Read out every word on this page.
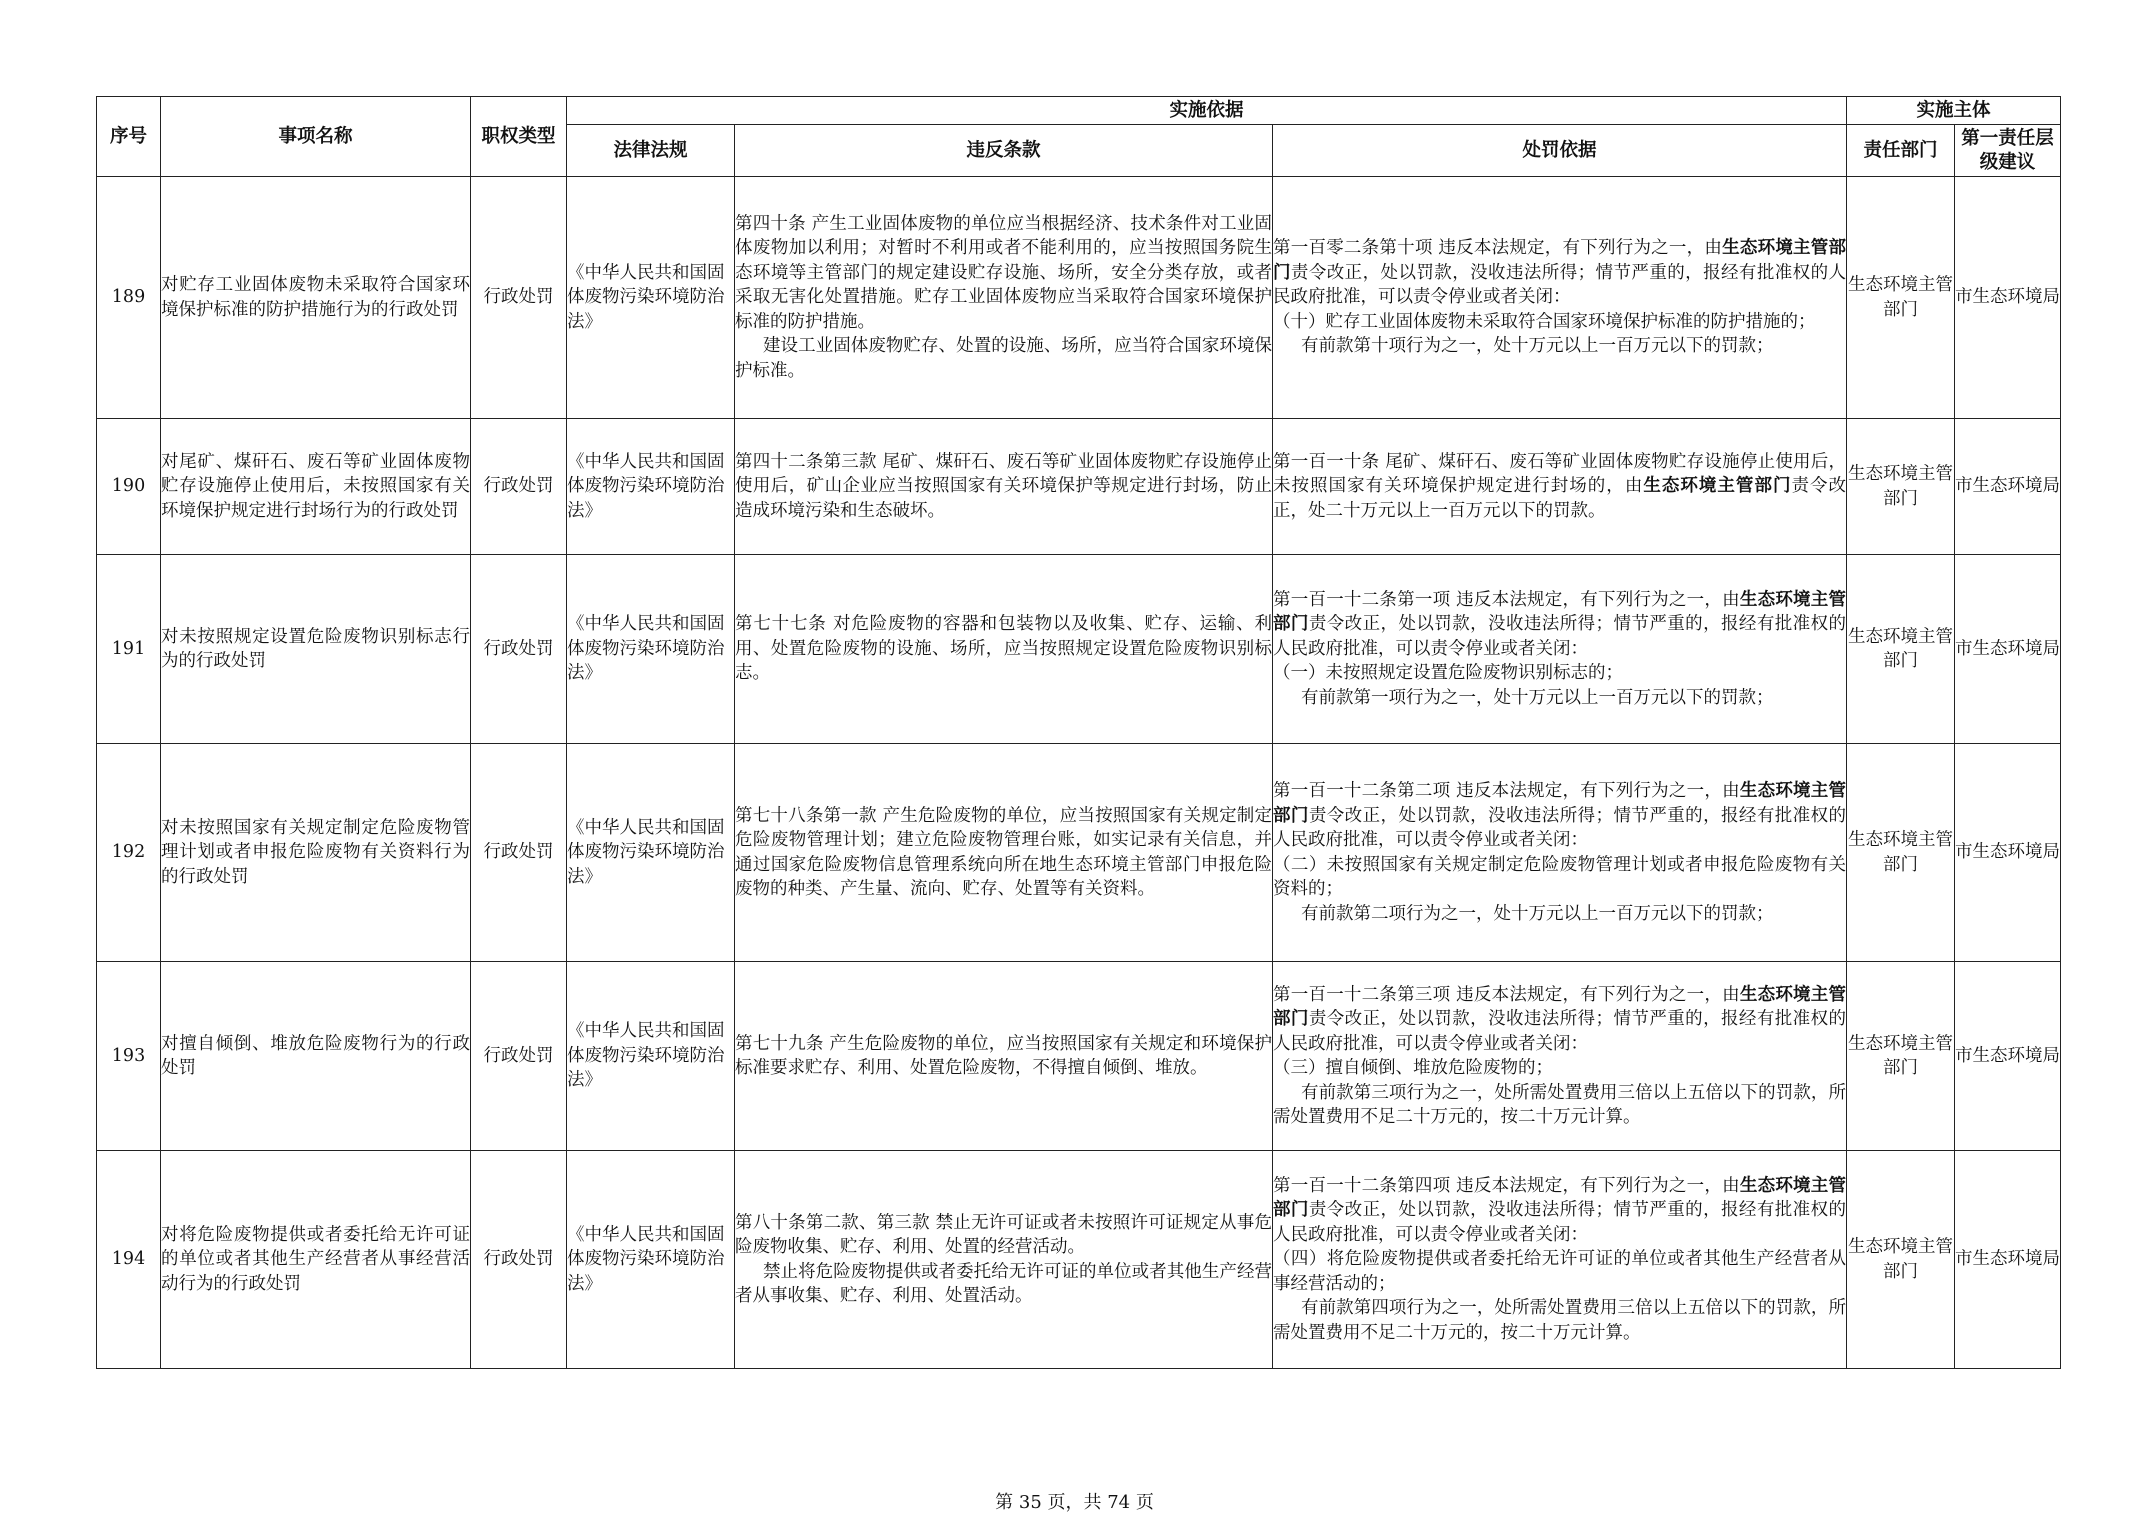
序号	事项名称	职权类型	实施依据			实施主体	
			法律法规	违反条款	处罚依据	责任部门	第一责任层级建议
189	对贮存工业固体废物未采取符合国家环境保护标准的防护措施行为的行政处罚	行政处罚	《中华人民共和国固体废物污染环境防治法》	第四十条 产生工业固体废物的单位应当根据经济、技术条件对工业固体废物加以利用；对暂时不利用或者不能利用的，应当按照国务院生态环境等主管部门的规定建设贮存设施、场所，安全分类存放，或者采取无害化处置措施。贮存工业固体废物应当采取符合国家环境保护标准的防护措施。
建设工业固体废物贮存、处置的设施、场所，应当符合国家环境保护标准。	第一百零二条第十项 违反本法规定，有下列行为之一，由生态环境主管部门责令改正，处以罚款，没收违法所得；情节严重的，报经有批准权的人民政府批准，可以责令停业或者关闭：
（十）贮存工业固体废物未采取符合国家环境保护标准的防护措施的；
有前款第十项行为之一，处十万元以上一百万元以下的罚款；	生态环境主管部门	市生态环境局
190	对尾矿、煤矸石、废石等矿业固体废物贮存设施停止使用后，未按照国家有关环境保护规定进行封场行为的行政处罚	行政处罚	《中华人民共和国固体废物污染环境防治法》	第四十二条第三款 尾矿、煤矸石、废石等矿业固体废物贮存设施停止使用后，矿山企业应当按照国家有关环境保护等规定进行封场，防止造成环境污染和生态破坏。	第一百一十条 尾矿、煤矸石、废石等矿业固体废物贮存设施停止使用后，未按照国家有关环境保护规定进行封场的，由生态环境主管部门责令改正，处二十万元以上一百万元以下的罚款。	生态环境主管部门	市生态环境局
191	对未按照规定设置危险废物识别标志行为的行政处罚	行政处罚	《中华人民共和国固体废物污染环境防治法》	第七十七条 对危险废物的容器和包装物以及收集、贮存、运输、利用、处置危险废物的设施、场所，应当按照规定设置危险废物识别标志。	第一百一十二条第一项 违反本法规定，有下列行为之一，由生态环境主管部门责令改正，处以罚款，没收违法所得；情节严重的，报经有批准权的人民政府批准，可以责令停业或者关闭：
（一）未按照规定设置危险废物识别标志的；
有前款第一项行为之一，处十万元以上一百万元以下的罚款；	生态环境主管部门	市生态环境局
192	对未按照国家有关规定制定危险废物管理计划或者申报危险废物有关资料行为的行政处罚	行政处罚	《中华人民共和国固体废物污染环境防治法》	第七十八条第一款 产生危险废物的单位，应当按照国家有关规定制定危险废物管理计划；建立危险废物管理台账，如实记录有关信息，并通过国家危险废物信息管理系统向所在地生态环境主管部门申报危险废物的种类、产生量、流向、贮存、处置等有关资料。	第一百一十二条第二项 违反本法规定，有下列行为之一，由生态环境主管部门责令改正，处以罚款，没收违法所得；情节严重的，报经有批准权的人民政府批准，可以责令停业或者关闭：
（二）未按照国家有关规定制定危险废物管理计划或者申报危险废物有关资料的；
有前款第二项行为之一，处十万元以上一百万元以下的罚款；	生态环境主管部门	市生态环境局
193	对擅自倾倒、堆放危险废物行为的行政处罚	行政处罚	《中华人民共和国固体废物污染环境防治法》	第七十九条 产生危险废物的单位，应当按照国家有关规定和环境保护标准要求贮存、利用、处置危险废物，不得擅自倾倒、堆放。	第一百一十二条第三项 违反本法规定，有下列行为之一，由生态环境主管部门责令改正，处以罚款，没收违法所得；情节严重的，报经有批准权的人民政府批准，可以责令停业或者关闭：
（三）擅自倾倒、堆放危险废物的；
有前款第三项行为之一，处所需处置费用三倍以上五倍以下的罚款，所需处置费用不足二十万元的，按二十万元计算。	生态环境主管部门	市生态环境局
194	对将危险废物提供或者委托给无许可证的单位或者其他生产经营者从事经营活动行为的行政处罚	行政处罚	《中华人民共和国固体废物污染环境防治法》	第八十条第二款、第三款 禁止无许可证或者未按照许可证规定从事危险废物收集、贮存、利用、处置的经营活动。
禁止将危险废物提供或者委托给无许可证的单位或者其他生产经营者从事收集、贮存、利用、处置活动。	第一百一十二条第四项 违反本法规定，有下列行为之一，由生态环境主管部门责令改正，处以罚款，没收违法所得；情节严重的，报经有批准权的人民政府批准，可以责令停业或者关闭：
（四）将危险废物提供或者委托给无许可证的单位或者其他生产经营者从事经营活动的；
有前款第四项行为之一，处所需处置费用三倍以上五倍以下的罚款，所需处置费用不足二十万元的，按二十万元计算。	生态环境主管部门	市生态环境局
第 35 页，共 74 页
